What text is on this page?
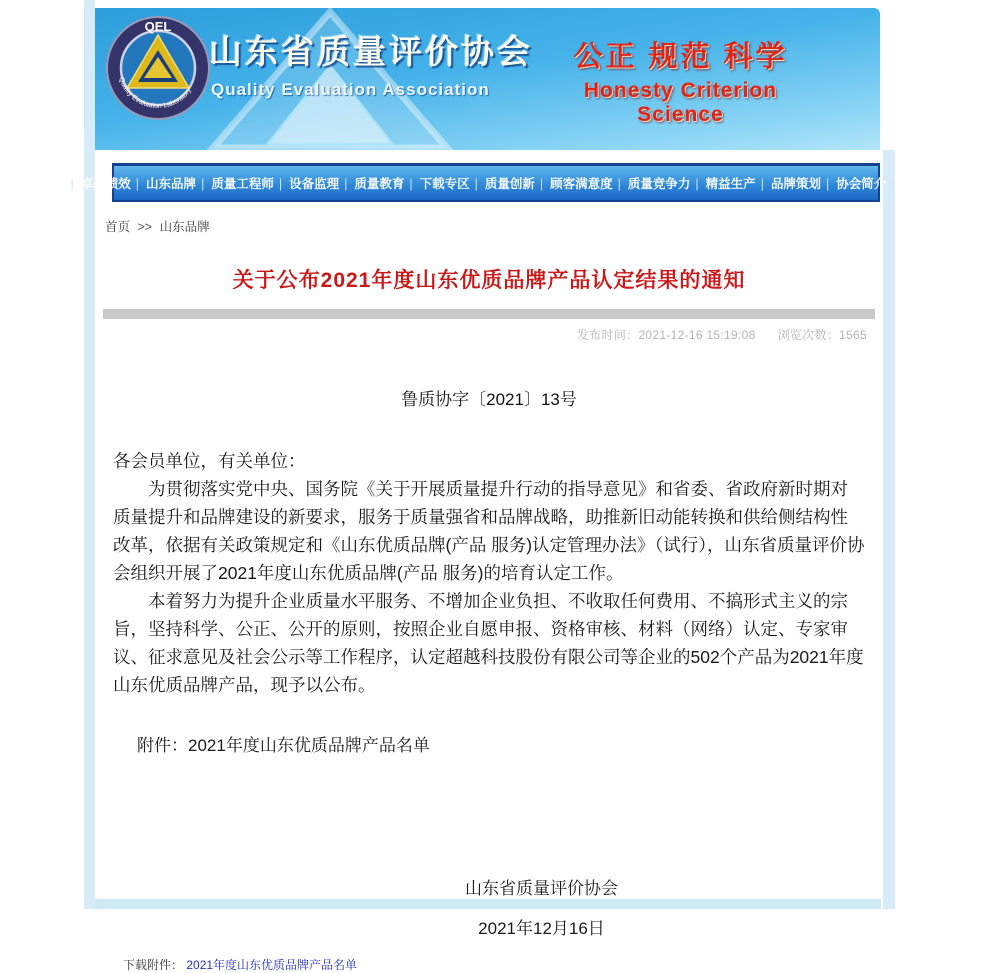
QEL
Quality Evaluation Laboratory
山东省质量评价协会
Quality Evaluation Association
公正 规范 科学
Honesty Criterion Science
首页 |	卓越绩效 |	山东品牌 |	质量工程师 |	设备监理 |	质量教育 |	下载专区 |	质量创新 |	顾客满意度 |	质量竞争力 |	精益生产 |	品牌策划 |	协会简介 |	联系我们
首页 >> 山东品牌
关于公布2021年度山东优质品牌产品认定结果的通知
发布时间：2021-12-16 15:19:08 浏览次数：1565
鲁质协字〔2021〕13号

各会员单位，有关单位：

为贯彻落实党中央、国务院《关于开展质量提升行动的指导意见》和省委、省政府新时期对质量提升和品牌建设的新要求，服务于质量强省和品牌战略，助推新旧动能转换和供给侧结构性改革，依据有关政策规定和《山东优质品牌(产品 服务)认定管理办法》（试行），山东省质量评价协会组织开展了2021年度山东优质品牌(产品 服务)的培育认定工作。

本着努力为提升企业质量水平服务、不增加企业负担、不收取任何费用、不搞形式主义的宗旨，坚持科学、公正、公开的原则，按照企业自愿申报、资格审核、材料（网络）认定、专家审议、征求意见及社会公示等工作程序，认定超越科技股份有限公司等企业的502个产品为2021年度山东优质品牌产品，现予以公布。

附件：2021年度山东优质品牌产品名单
山东省质量评价协会
2021年12月16日
下载附件： 2021年度山东优质品牌产品名单
